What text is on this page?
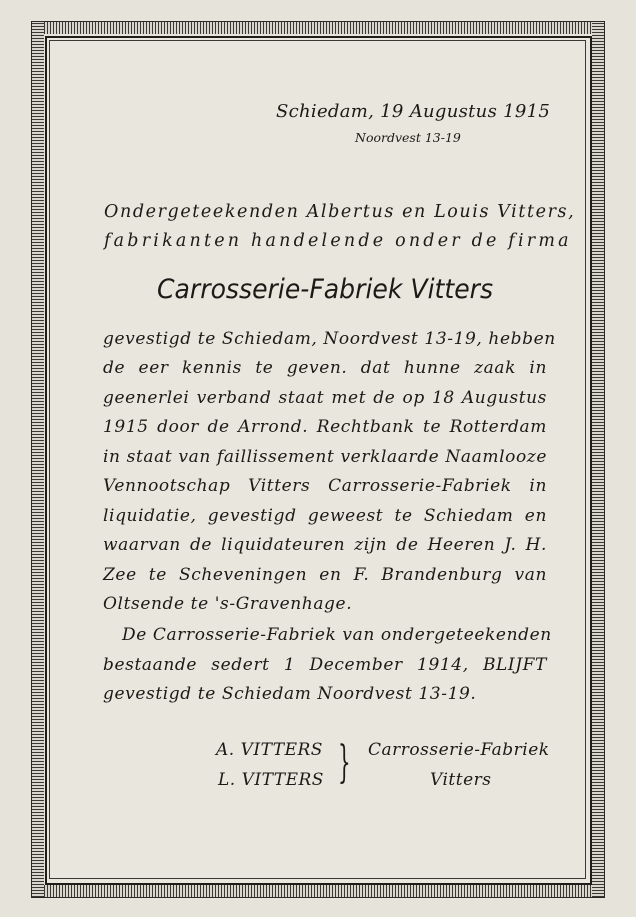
Schiedam, 19 Augustus 1915
Noordvest 13-19
Ondergeteekenden Albertus en Louis Vitters,
fabrikanten handelende onder de firma
Carrosserie-Fabriek Vitters
gevestigd te Schiedam, Noordvest 13-19, hebben
de eer kennis te geven. dat hunne zaak in
geenerlei verband staat met de op 18 Augustus
1915 door de Arrond. Rechtbank te Rotterdam
in staat van faillissement verklaarde Naamlooze
Vennootschap Vitters Carrosserie-Fabriek in
liquidatie, gevestigd geweest te Schiedam en
waarvan de liquidateuren zijn de Heeren J. H.
Zee te Scheveningen en F. Brandenburg van
Oltsende te 's-Gravenhage.
De Carrosserie-Fabriek van ondergeteekenden
bestaande sedert 1 December 1914, BLIJFT
gevestigd te Schiedam Noordvest 13-19.
A. VITTERS
L. VITTERS } Carrosserie-Fabriek
Vitters
